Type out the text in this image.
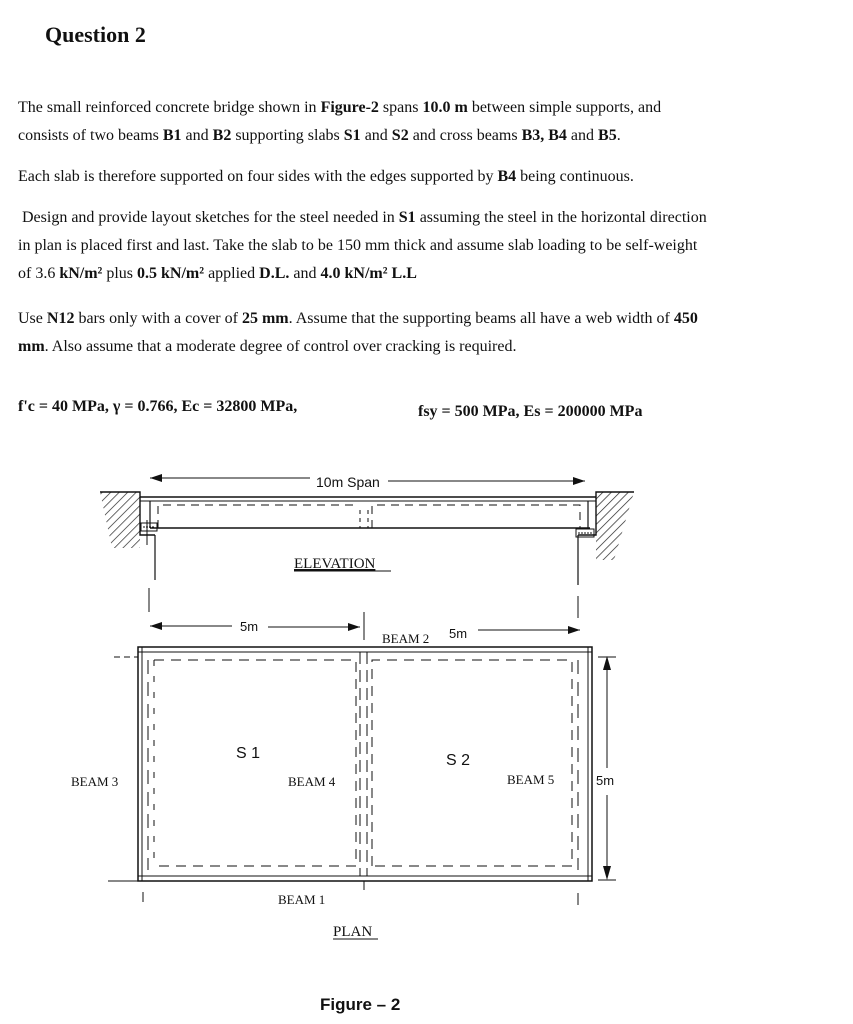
Question 2
The small reinforced concrete bridge shown in Figure-2 spans 10.0 m between simple supports, and
consists of two beams B1 and B2 supporting slabs S1 and S2 and cross beams B3, B4 and B5.
Each slab is therefore supported on four sides with the edges supported by B4 being continuous.
Design and provide layout sketches for the steel needed in S1 assuming the steel in the horizontal direction
in plan is placed first and last. Take the slab to be 150 mm thick and assume slab loading to be self-weight
of 3.6 kN/m² plus 0.5 kN/m² applied D.L. and 4.0 kN/m² L.L
Use N12 bars only with a cover of 25 mm. Assume that the supporting beams all have a web width of 450
mm. Also assume that a moderate degree of control over cracking is required.
f'c = 40 MPa, γ = 0.766, Ec = 32800 MPa,	fsy = 500 MPa, Es = 200000 MPa
10m Span
ELEVATION
5m	5m
BEAM 2
5m
BEAM 3	BEAM 4	BEAM 5
BEAM 1
S 1	S 2
PLAN
Figure – 2
